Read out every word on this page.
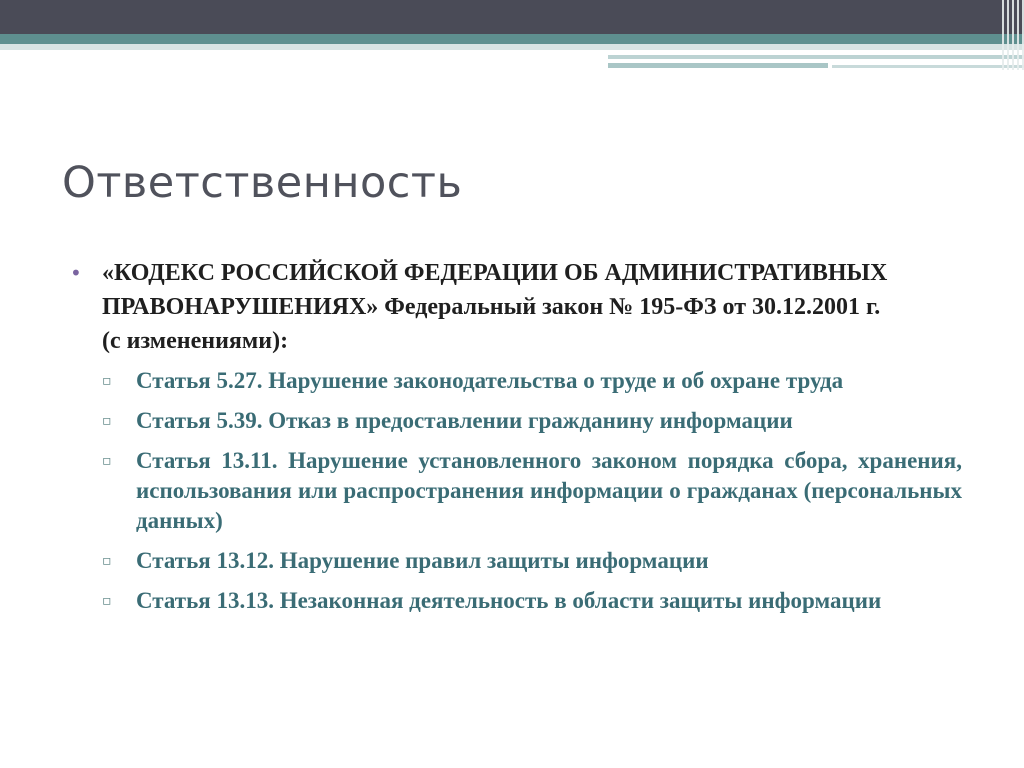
Ответственность
• «КОДЕКС РОССИЙСКОЙ ФЕДЕРАЦИИ ОБ АДМИНИСТРАТИВНЫХ ПРАВОНАРУШЕНИЯХ» Федеральный закон № 195-ФЗ от 30.12.2001 г. (с изменениями):
▫	Статья 5.27. Нарушение законодательства о труде и об охране труда
▫	Статья 5.39. Отказ в предоставлении гражданину информации
▫	Статья 13.11. Нарушение установленного законом порядка сбора, хранения, использования или распространения информации о гражданах (персональных данных)
▫	Статья 13.12. Нарушение правил защиты информации
▫	Статья 13.13. Незаконная деятельность в области защиты информации
